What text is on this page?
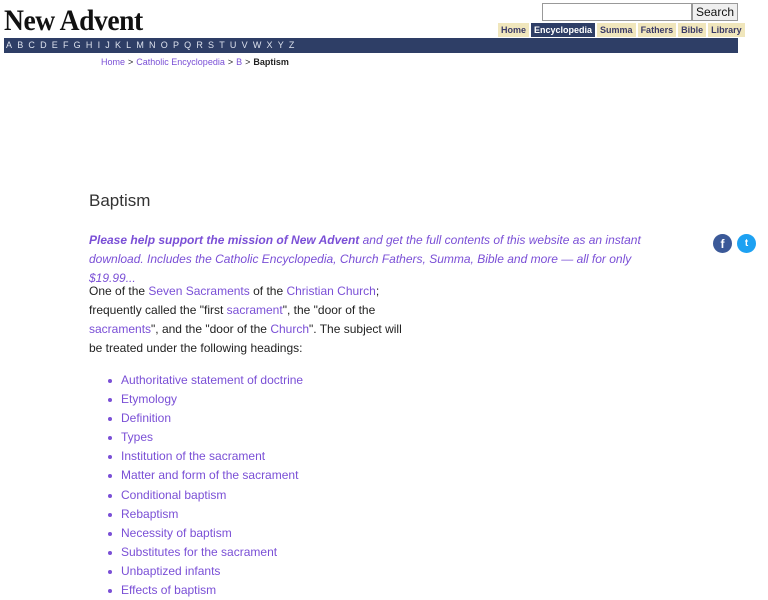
New Advent	Search
Home Encyclopedia Summa Fathers Bible Library
A B C D E F G H I J K L M N O P Q R S T U V W X Y Z
Home > Catholic Encyclopedia > B > Baptism
Baptism

Please help support the mission of New Advent and get the full contents of this website as an instant download. Includes the Catholic Encyclopedia, Church Fathers, Summa, Bible and more — all for only $19.99...

f	t

One of the Seven Sacraments of the Christian Church; frequently called the "first sacrament", the "door of the sacraments", and the "door of the Church". The subject will be treated under the following headings:

Authoritative statement of doctrine
Etymology
Definition
Types
Institution of the sacrament
Matter and form of the sacrament
Conditional baptism
Rebaptism
Necessity of baptism
Substitutes for the sacrament
Unbaptized infants
Effects of baptism
